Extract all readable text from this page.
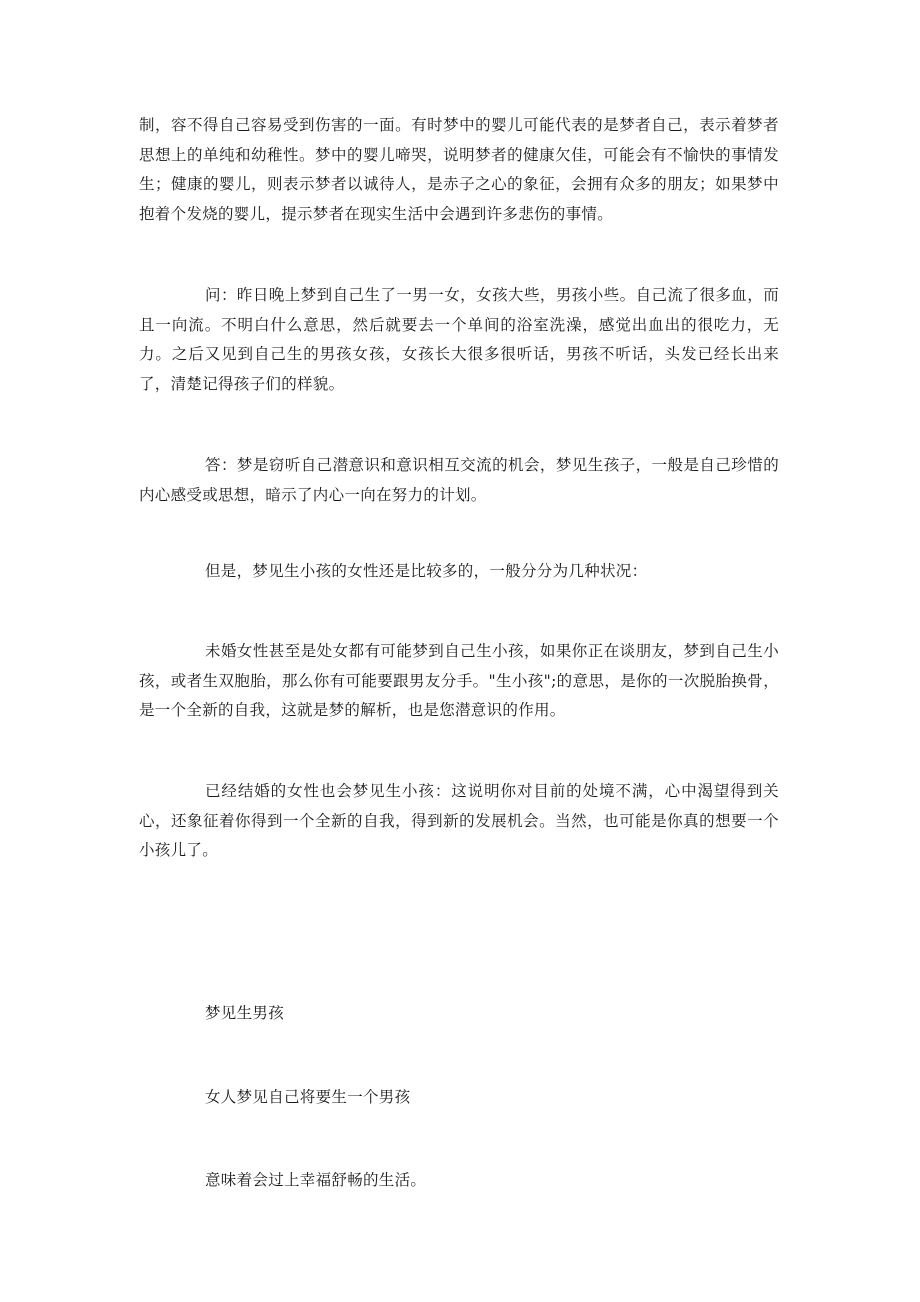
制，容不得自己容易受到伤害的一面。有时梦中的婴儿可能代表的是梦者自己，表示着梦者思想上的单纯和幼稚性。梦中的婴儿啼哭，说明梦者的健康欠佳，可能会有不愉快的事情发生；健康的婴儿，则表示梦者以诚待人，是赤子之心的象征，会拥有众多的朋友；如果梦中抱着个发烧的婴儿，提示梦者在现实生活中会遇到许多悲伤的事情。

问：昨日晚上梦到自己生了一男一女，女孩大些，男孩小些。自己流了很多血，而且一向流。不明白什么意思，然后就要去一个单间的浴室洗澡，感觉出血出的很吃力，无力。之后又见到自己生的男孩女孩，女孩长大很多很听话，男孩不听话，头发已经长出来了，清楚记得孩子们的样貌。

答：梦是窃听自己潜意识和意识相互交流的机会，梦见生孩子，一般是自己珍惜的内心感受或思想，暗示了内心一向在努力的计划。

但是，梦见生小孩的女性还是比较多的，一般分分为几种状况：

未婚女性甚至是处女都有可能梦到自己生小孩，如果你正在谈朋友，梦到自己生小孩，或者生双胞胎，那么你有可能要跟男友分手。"生小孩";的意思，是你的一次脱胎换骨，是一个全新的自我，这就是梦的解析，也是您潜意识的作用。

已经结婚的女性也会梦见生小孩：这说明你对目前的处境不满，心中渴望得到关心，还象征着你得到一个全新的自我，得到新的发展机会。当然，也可能是你真的想要一个小孩儿了。

梦见生男孩

女人梦见自己将要生一个男孩

意味着会过上幸福舒畅的生活。
